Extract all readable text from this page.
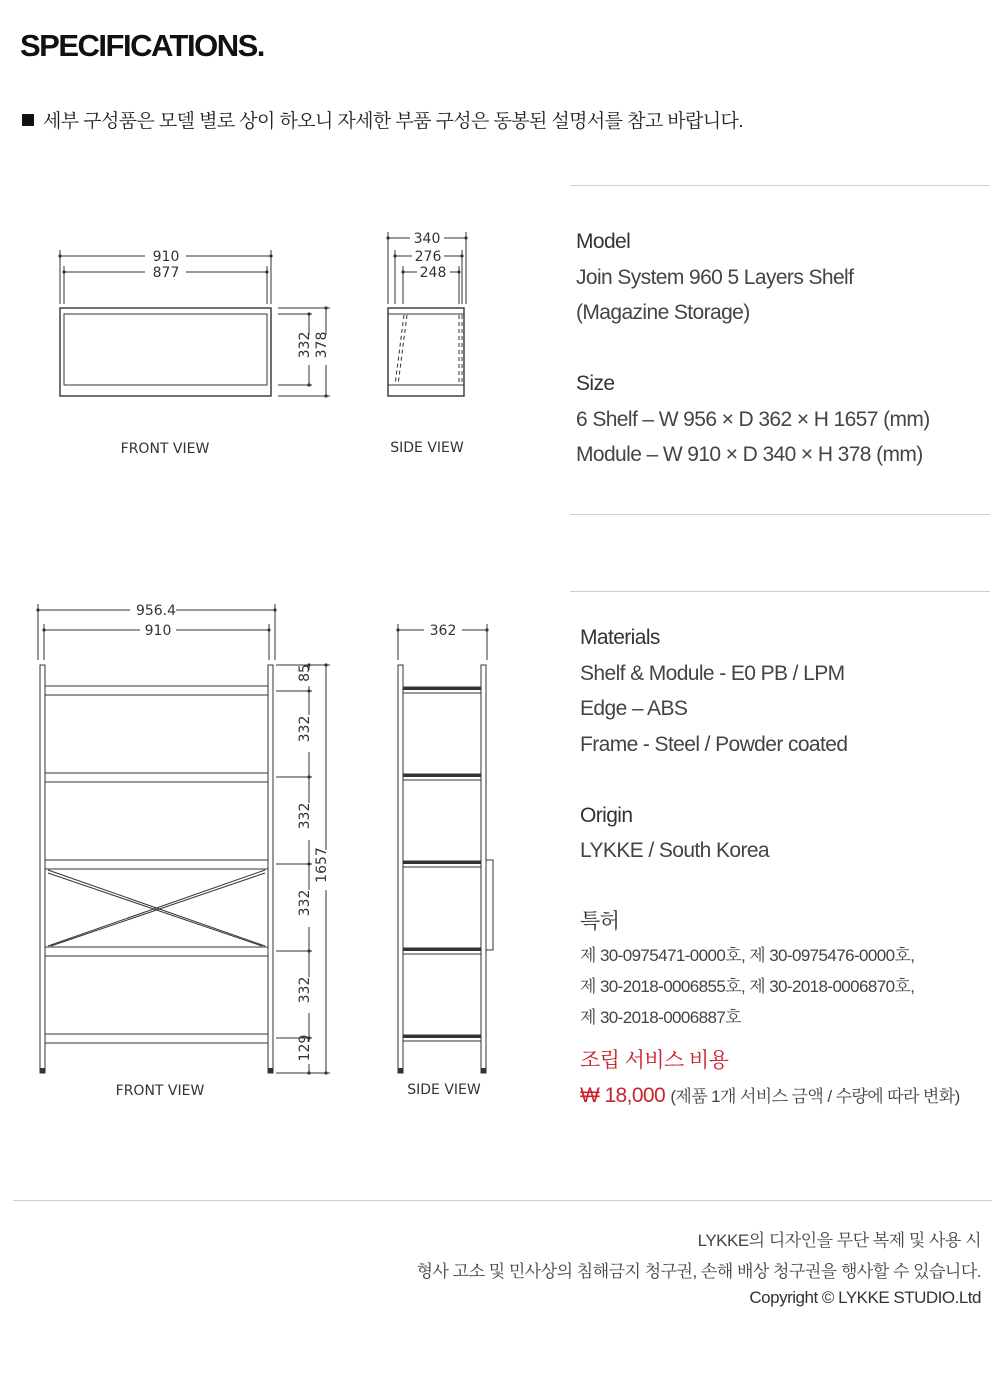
SPECIFICATIONS.
세부 구성품은 모델 별로 상이 하오니 자세한 부품 구성은 동봉된 설명서를 참고 바랍니다.
910
877
332 378
340
276
248
FRONT VIEW	SIDE VIEW
956.4
910
85
332
332
332
332
129
1657
362
FRONT VIEW	SIDE VIEW
Model
Join System 960 5 Layers Shelf
(Magazine Storage)
Size
6 Shelf – W 956 × D 362 × H 1657 (mm)
Module – W 910 × D 340 × H 378 (mm)
Materials
Shelf & Module - E0 PB / LPM
Edge – ABS
Frame - Steel / Powder coated
Origin
LYKKE / South Korea
특허
제 30-0975471-0000호, 제 30-0975476-0000호,
제 30-2018-0006855호, 제 30-2018-0006870호,
제 30-2018-0006887호
조립 서비스 비용
₩ 18,000 (제품 1개 서비스 금액 / 수량에 따라 변화)
LYKKE의 디자인을 무단 복제 및 사용 시
형사 고소 및 민사상의 침해금지 청구권, 손해 배상 청구권을 행사할 수 있습니다.
Copyright © LYKKE STUDIO.Ltd
